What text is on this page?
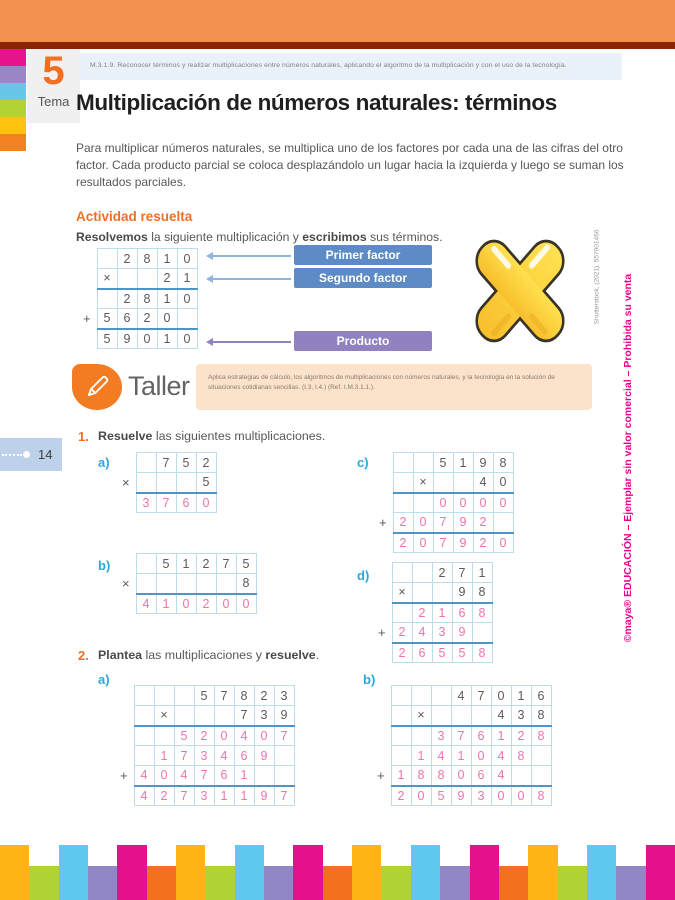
5
Tema
M.3.1.9. Reconocer términos y realizar multiplicaciones entre números naturales, aplicando el algoritmo de la multiplicación y con el uso de la tecnología.
Multiplicación de números naturales: términos

Para multiplicar números naturales, se multiplica uno de los factores por cada una de las cifras del otro factor. Cada producto parcial se coloca desplazándolo un lugar hacia la izquierda y luego se suman los resultados parciales.

Actividad resuelta

Resolvemos la siguiente multiplicación y escribimos sus términos.

		2	8	1	0
	×			2	1
		2	8	1	0
+	5	6	2	0	
	5	9	0	1	0
Primer factor
Segundo factor
Producto
Shutterstock, (2021). 557901466
Taller	Aplica estrategias de cálculo, los algoritmos de multiplicaciones con números naturales, y la tecnología en la solución de situaciones cotidianas sencillas. (I.3, I.4.) (Ref. I.M.3.1.1.).
1. Resuelve las siguientes multiplicaciones.

14
a)
			7	5	2
×				5
	3	7	6	0
b)
			5	1	2	7	5
×						8
	4	1	0	2	0	0
c)
				5	1	9	8
		×			4	0
			0	0	0	0
+	2	0	7	9	2	
	2	0	7	9	2	0
d)
				2	7	1
	×			9	8
		2	1	6	8
+	2	4	3	9	
	2	6	5	5	8
2. Plantea las multiplicaciones y resuelve.

a)
				5	7	8	2	3
		×				7	3	9
			5	2	0	4	0	7
		1	7	3	4	6	9	
+	4	0	4	7	6	1		
	4	2	7	3	1	1	9	7
b)
				4	7	0	1	6
		×				4	3	8
			3	7	6	1	2	8
		1	4	1	0	4	8	
+	1	8	8	0	6	4		
	2	0	5	9	3	0	0	8
©maya® EDUCACIÓN – Ejemplar sin valor comercial – Prohibida su venta
